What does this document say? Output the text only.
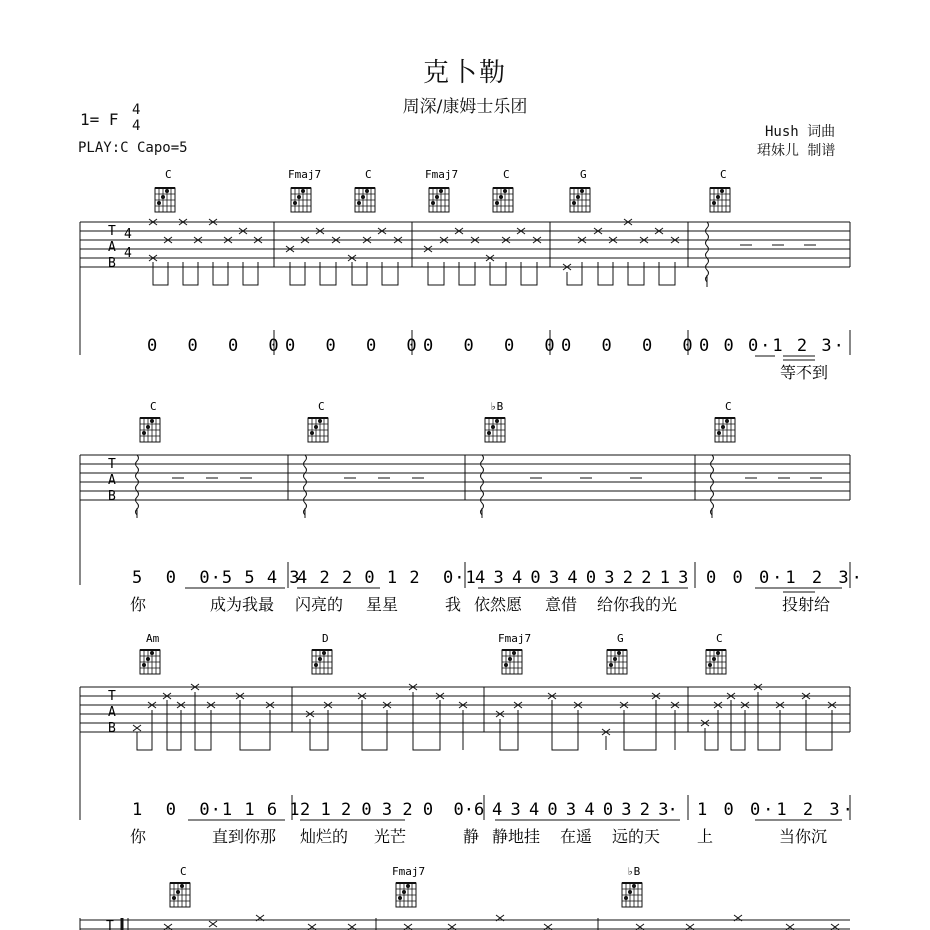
克卜勒
周深/康姆士乐团
1= F 4
4
PLAY:C Capo=5
Hush 词曲
珺妹儿 制谱
C	Fmaj7	C	Fmaj7	C	G	C
T
A
B
4
4
0 0 0 0
0 0 0 0
0 0 0 0
0 0 0 0
0 0 0·1 2 3·
等不到
C	C	♭B	C
T
A
B
5  0  0·5 5 4 3
4 2 2 0 1 2  0·1
4 3 4 0 3 4 0 3 2 2 1 3 0 0 0·1 2 3·
你	成为我最 闪亮的 星星	我 依然愿 意借 给你我的光	投射给
Am	D	Fmaj7	G	C
T
A
B
1  0  0·1 1 6 1 2 1 2 0 3 2 0  0·6 4 3 4 0 3 4 0 3 2 3· 1 0 0·1 2 3·
你	直到你那 灿烂的 光芒	静 静地挂 在遥 远的天 上	当你沉
C	Fmaj7	♭B
T
